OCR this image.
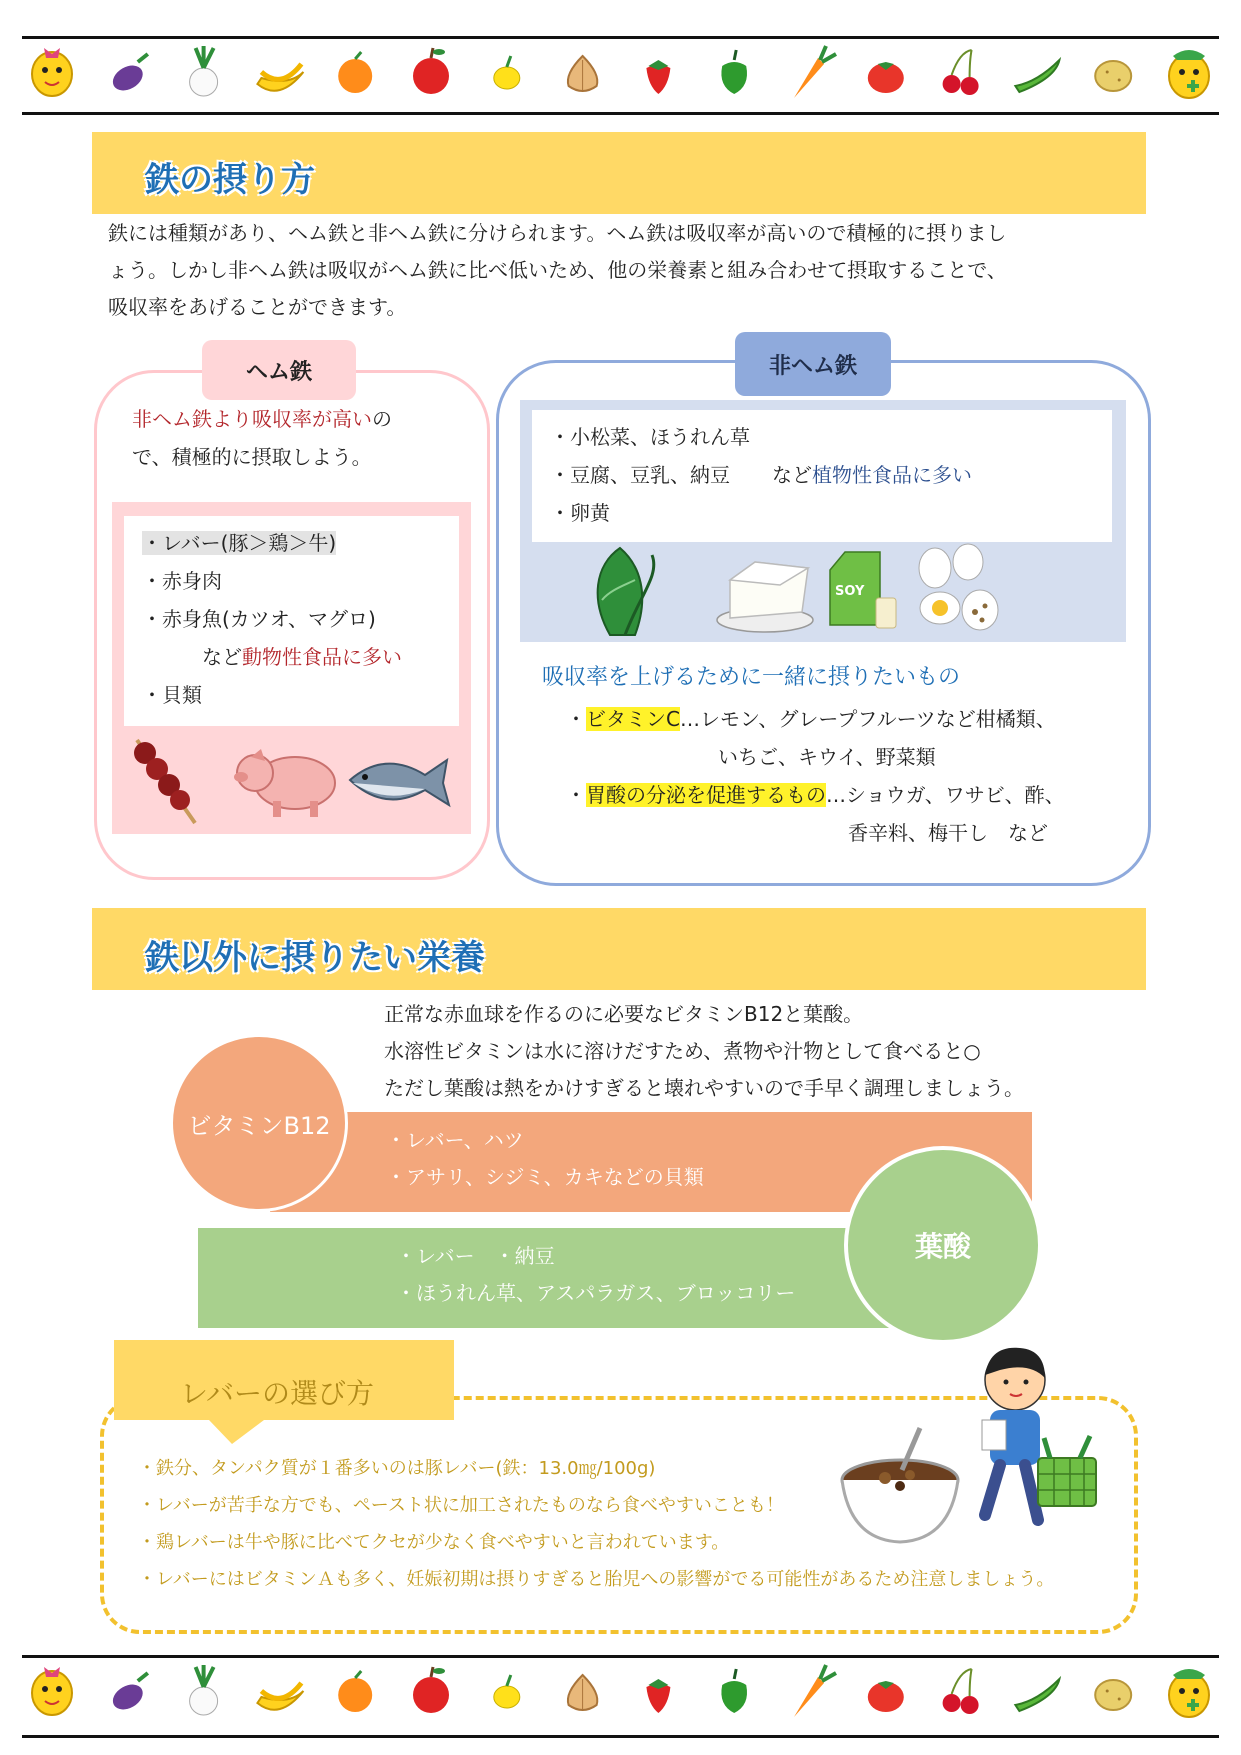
鉄の摂り方
鉄には種類があり、ヘム鉄と非ヘム鉄に分けられます。ヘム鉄は吸収率が高いので積極的に摂りまし
ょう。しかし非ヘム鉄は吸収がヘム鉄に比べ低いため、他の栄養素と組み合わせて摂取することで、
吸収率をあげることができます。
ヘム鉄
非ヘム鉄より吸収率が高いの
で、積極的に摂取しよう。
・レバー(豚＞鶏＞牛)
・赤身肉
・赤身魚(カツオ、マグロ)
など動物性食品に多い
・貝類
非ヘム鉄
・小松菜、ほうれん草
・豆腐、豆乳、納豆 など植物性食品に多い
・卵黄
SOY
吸収率を上げるために一緒に摂りたいもの
・ビタミンC…レモン、グレープフルーツなど柑橘類、
いちご、キウイ、野菜類
・胃酸の分泌を促進するもの…ショウガ、ワサビ、酢、
香辛料、梅干し　など
鉄以外に摂りたい栄養
正常な赤血球を作るのに必要なビタミンB12と葉酸。
水溶性ビタミンは水に溶けだすため、煮物や汁物として食べると○
ただし葉酸は熱をかけすぎると壊れやすいので手早く調理しましょう。
ビタミンB12
・レバー、ハツ
・アサリ、シジミ、カキなどの貝類
葉酸
・レバー　・納豆
・ほうれん草、アスパラガス、ブロッコリー
レバーの選び方
・鉄分、タンパク質が１番多いのは豚レバー(鉄：13.0㎎/100g)
・レバーが苦手な方でも、ペースト状に加工されたものなら食べやすいことも！
・鶏レバーは牛や豚に比べてクセが少なく食べやすいと言われています。
・レバーにはビタミンＡも多く、妊娠初期は摂りすぎると胎児への影響がでる可能性があるため注意しましょう。
